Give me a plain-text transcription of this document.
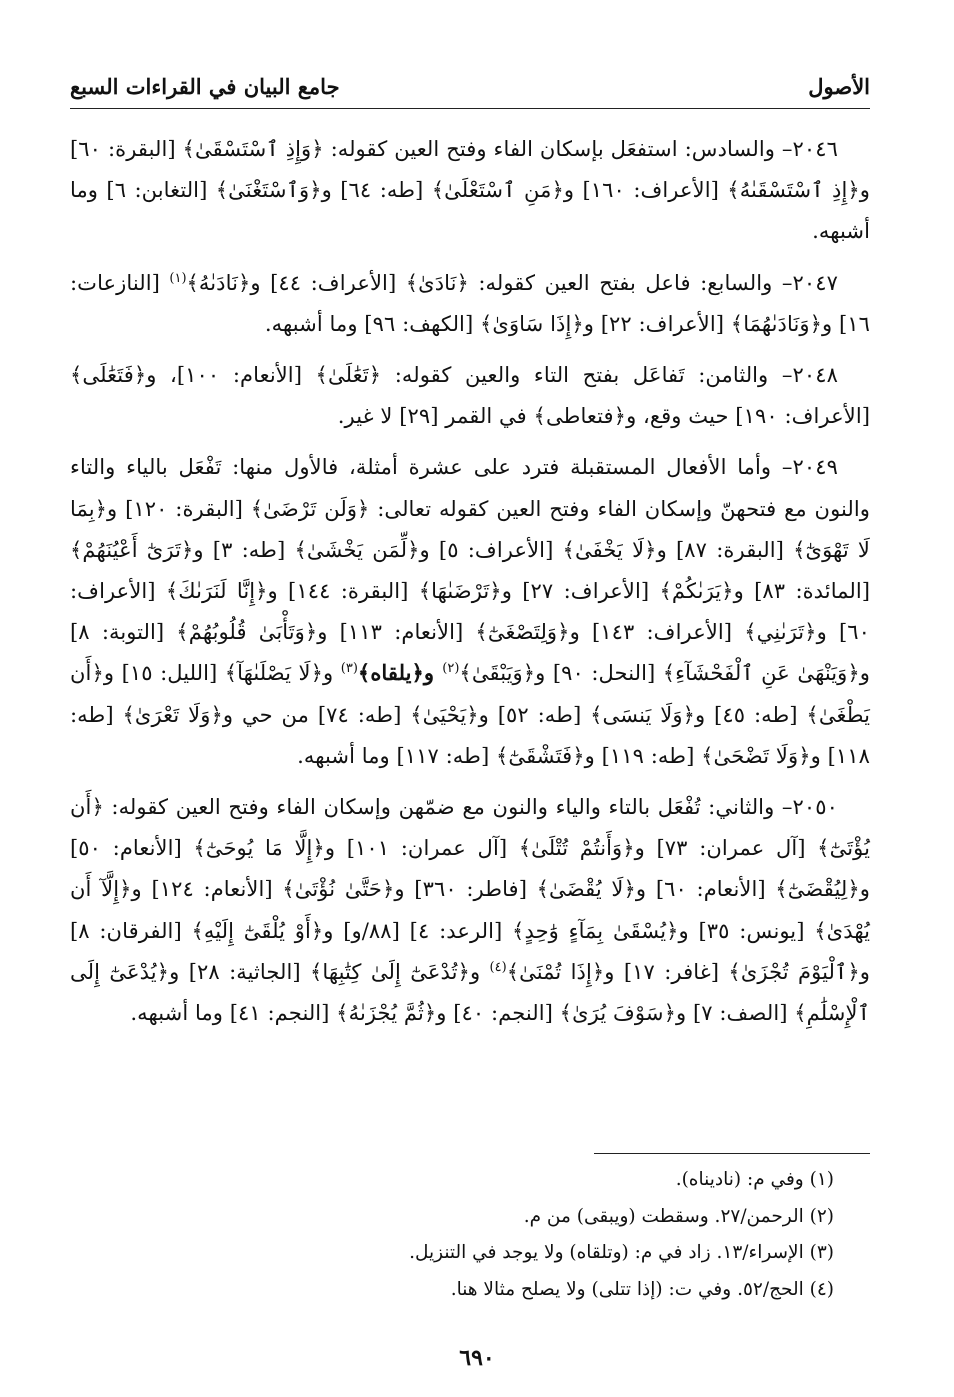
الأصول
جامع البيان في القراءات السبع

٢٠٤٦– والسادس: استفعَل بإسكان الفاء وفتح العين كقوله: ﴿وَإِذِ ٱسْتَسْقَىٰ﴾ [البقرة: ٦٠] و﴿إِذِ ٱسْتَسْقَىٰهُ﴾ [الأعراف: ١٦٠] و﴿مَنِ ٱسْتَعْلَىٰ﴾ [طه: ٦٤] و﴿وَٱسْتَغْنَىٰ﴾ [التغابن: ٦] وما أشبهه.

٢٠٤٧– والسابع: فاعل بفتح العين كقوله: ﴿نَادَىٰ﴾ [الأعراف: ٤٤] و﴿نَادَىٰهُ﴾$^{(١)}$ [النازعات: ١٦] و﴿وَنَادَىٰهُمَا﴾ [الأعراف: ٢٢] و﴿إِذَا سَاوَىٰ﴾ [الكهف: ٩٦] وما أشبهه.

٢٠٤٨– والثامن: تَفاعَل بفتح التاء والعين كقوله: ﴿تَعَٰلَىٰ﴾ [الأنعام: ١٠٠]، و﴿فَتَعَٰلَى﴾ [الأعراف: ١٩٠] حيث وقع، و﴿فتعاطى﴾ في القمر [٢٩] لا غير.

٢٠٤٩– وأما الأفعال المستقبلة فترد على عشرة أمثلة، فالأول منها: تَفْعَل بالياء والتاء والنون مع فتحهنّ وإسكان الفاء وفتح العين كقوله تعالى: ﴿وَلَن تَرْضَىٰ﴾ [البقرة: ١٢٠] و﴿بِمَا لَا تَهْوَىٰٓ﴾ [البقرة: ٨٧] و﴿لَا يَخْفَىٰ﴾ [الأعراف: ٥] و﴿لِّمَن يَخْشَىٰ﴾ [طه: ٣] و﴿تَرَىٰٓ أَعْيُنَهُمْ﴾ [المائدة: ٨٣] و﴿يَرَىٰكُمْ﴾ [الأعراف: ٢٧] و﴿تَرْضَىٰهَا﴾ [البقرة: ١٤٤] و﴿إِنَّا لَنَرَىٰكَ﴾ [الأعراف: ٦٠] و﴿تَرَىٰنِي﴾ [الأعراف: ١٤٣] و﴿وَلِتَصْغَىٰٓ﴾ [الأنعام: ١١٣] و﴿وَتَأْبَىٰ قُلُوبُهُمْ﴾ [التوبة: ٨] و﴿وَيَنْهَىٰ عَنِ ٱلْفَحْشَآءِ﴾ [النحل: ٩٠] و﴿وَيَبْقَىٰ﴾$^{(٢)}$ و﴿يلقاه﴾$^{(٣)}$ و﴿لَا يَصْلَىٰهَآ﴾ [الليل: ١٥] و﴿أَن يَطْغَىٰ﴾ [طه: ٤٥] و﴿وَلَا يَنسَى﴾ [طه: ٥٢] و﴿يَحْيَىٰ﴾ [طه: ٧٤] من حي و﴿وَلَا تَعْرَىٰ﴾ [طه: ١١٨] و﴿وَلَا تَضْحَىٰ﴾ [طه: ١١٩] و﴿فَتَشْقَىٰٓ﴾ [طه: ١١٧] وما أشبهه.

٢٠٥٠– والثاني: تُفْعَل بالتاء والياء والنون مع ضمّهن وإسكان الفاء وفتح العين كقوله: ﴿أَن يُؤْتَىٰٓ﴾ [آل عمران: ٧٣] و﴿وَأَنتُمْ تُتْلَىٰ﴾ [آل عمران: ١٠١] و﴿إِلَّا مَا يُوحَىٰٓ﴾ [الأنعام: ٥٠] و﴿لِيُقْضَىٰٓ﴾ [الأنعام: ٦٠] و﴿لَا يُقْضَىٰ﴾ [فاطر: ٣٦٠] و﴿حَتَّىٰ نُؤْتَىٰ﴾ [الأنعام: ١٢٤] و﴿إِلَّآ أَن يُهْدَىٰ﴾ [يونس: ٣٥] و﴿يُسْقَىٰ بِمَآءٍ وَٰحِدٍ﴾ [الرعد: ٤] [٨٨/و] و﴿أَوْ يُلْقَىٰٓ إِلَيْهِ﴾ [الفرقان: ٨] و﴿ٱلْيَوْمَ تُجْزَىٰ﴾ [غافر: ١٧] و﴿إِذَا تُمْنَىٰ﴾$^{(٤)}$ و﴿تُدْعَىٰٓ إِلَىٰ كِتَٰبِهَا﴾ [الجاثية: ٢٨] و﴿يُدْعَىٰٓ إِلَى ٱلْإِسْلَٰمِ﴾ [الصف: ٧] و﴿سَوْفَ يُرَىٰ﴾ [النجم: ٤٠] و﴿ثُمَّ يُجْزَىٰهُ﴾ [النجم: ٤١] وما أشبهه.

(١) وفي م: (نادیناه).
(٢) الرحمن/٢٧. وسقطت (ويبقى) من م.
(٣) الإسراء/١٣. زاد في م: (وتلقاه) ولا يوجد في التنزيل.
(٤) الحج/٥٢. وفي ت: (إذا تتلى) ولا يصلح مثالا هنا.
٦٩٠
